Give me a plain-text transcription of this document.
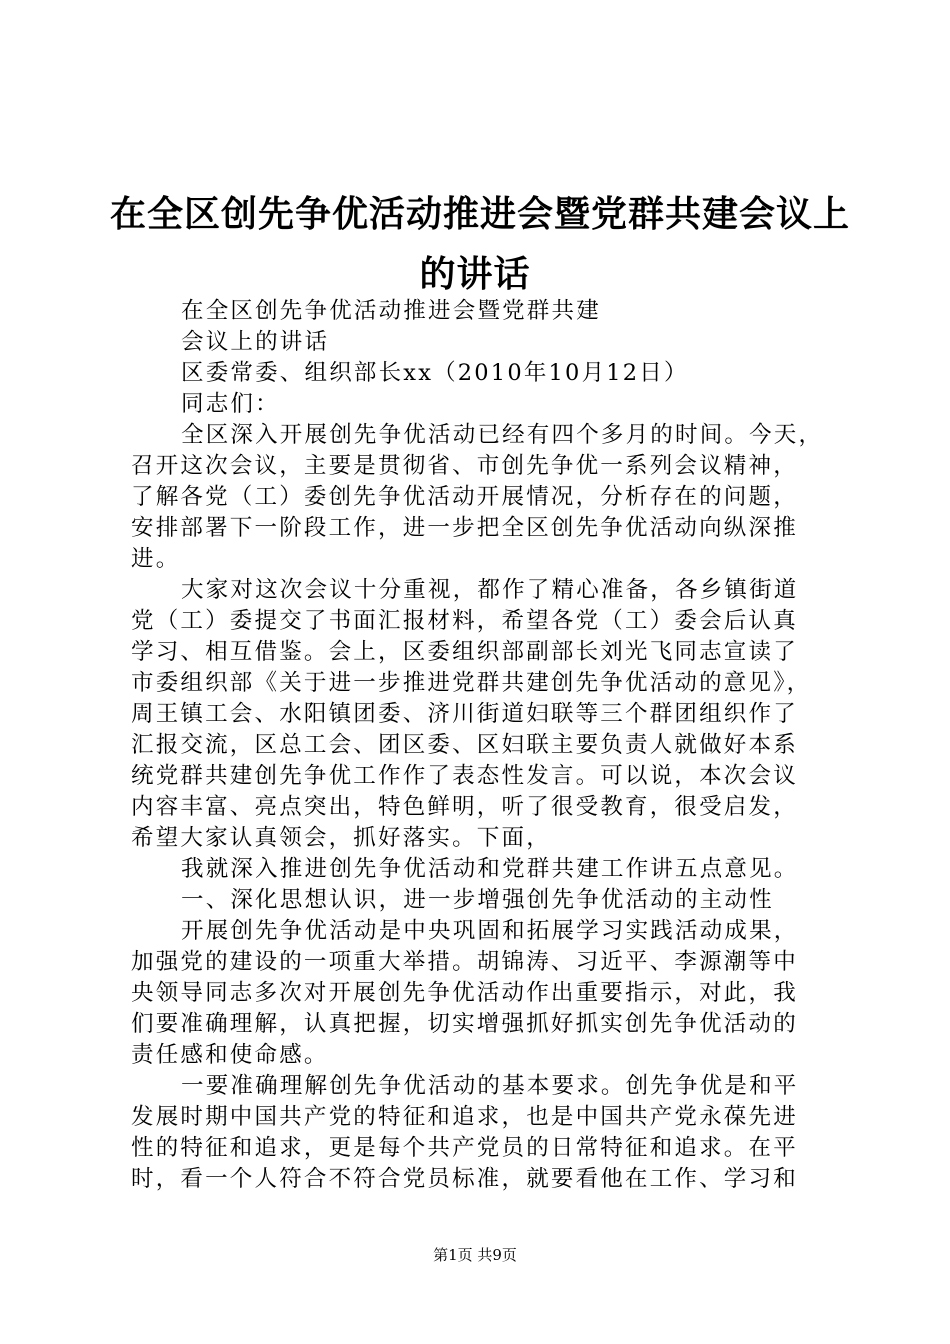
在全区创先争优活动推进会暨党群共建会议上
的讲话
在全区创先争优活动推进会暨党群共建
会议上的讲话
区委常委、组织部长xx（2010年10月12日）
同志们：
全区深入开展创先争优活动已经有四个多月的时间。今天，
召开这次会议，主要是贯彻省、市创先争优一系列会议精神，
了解各党（工）委创先争优活动开展情况，分析存在的问题，
安排部署下一阶段工作，进一步把全区创先争优活动向纵深推
进。
大家对这次会议十分重视，都作了精心准备，各乡镇街道
党（工）委提交了书面汇报材料，希望各党（工）委会后认真
学习、相互借鉴。会上，区委组织部副部长刘光飞同志宣读了
市委组织部《关于进一步推进党群共建创先争优活动的意见》，
周王镇工会、水阳镇团委、济川街道妇联等三个群团组织作了
汇报交流，区总工会、团区委、区妇联主要负责人就做好本系
统党群共建创先争优工作作了表态性发言。可以说，本次会议
内容丰富、亮点突出，特色鲜明，听了很受教育，很受启发，
希望大家认真领会，抓好落实。下面，
我就深入推进创先争优活动和党群共建工作讲五点意见。
一、深化思想认识，进一步增强创先争优活动的主动性
开展创先争优活动是中央巩固和拓展学习实践活动成果，
加强党的建设的一项重大举措。胡锦涛、习近平、李源潮等中
央领导同志多次对开展创先争优活动作出重要指示，对此，我
们要准确理解，认真把握，切实增强抓好抓实创先争优活动的
责任感和使命感。
一要准确理解创先争优活动的基本要求。创先争优是和平
发展时期中国共产党的特征和追求，也是中国共产党永葆先进
性的特征和追求，更是每个共产党员的日常特征和追求。在平
时，看一个人符合不符合党员标准，就要看他在工作、学习和
第1页 共9页
